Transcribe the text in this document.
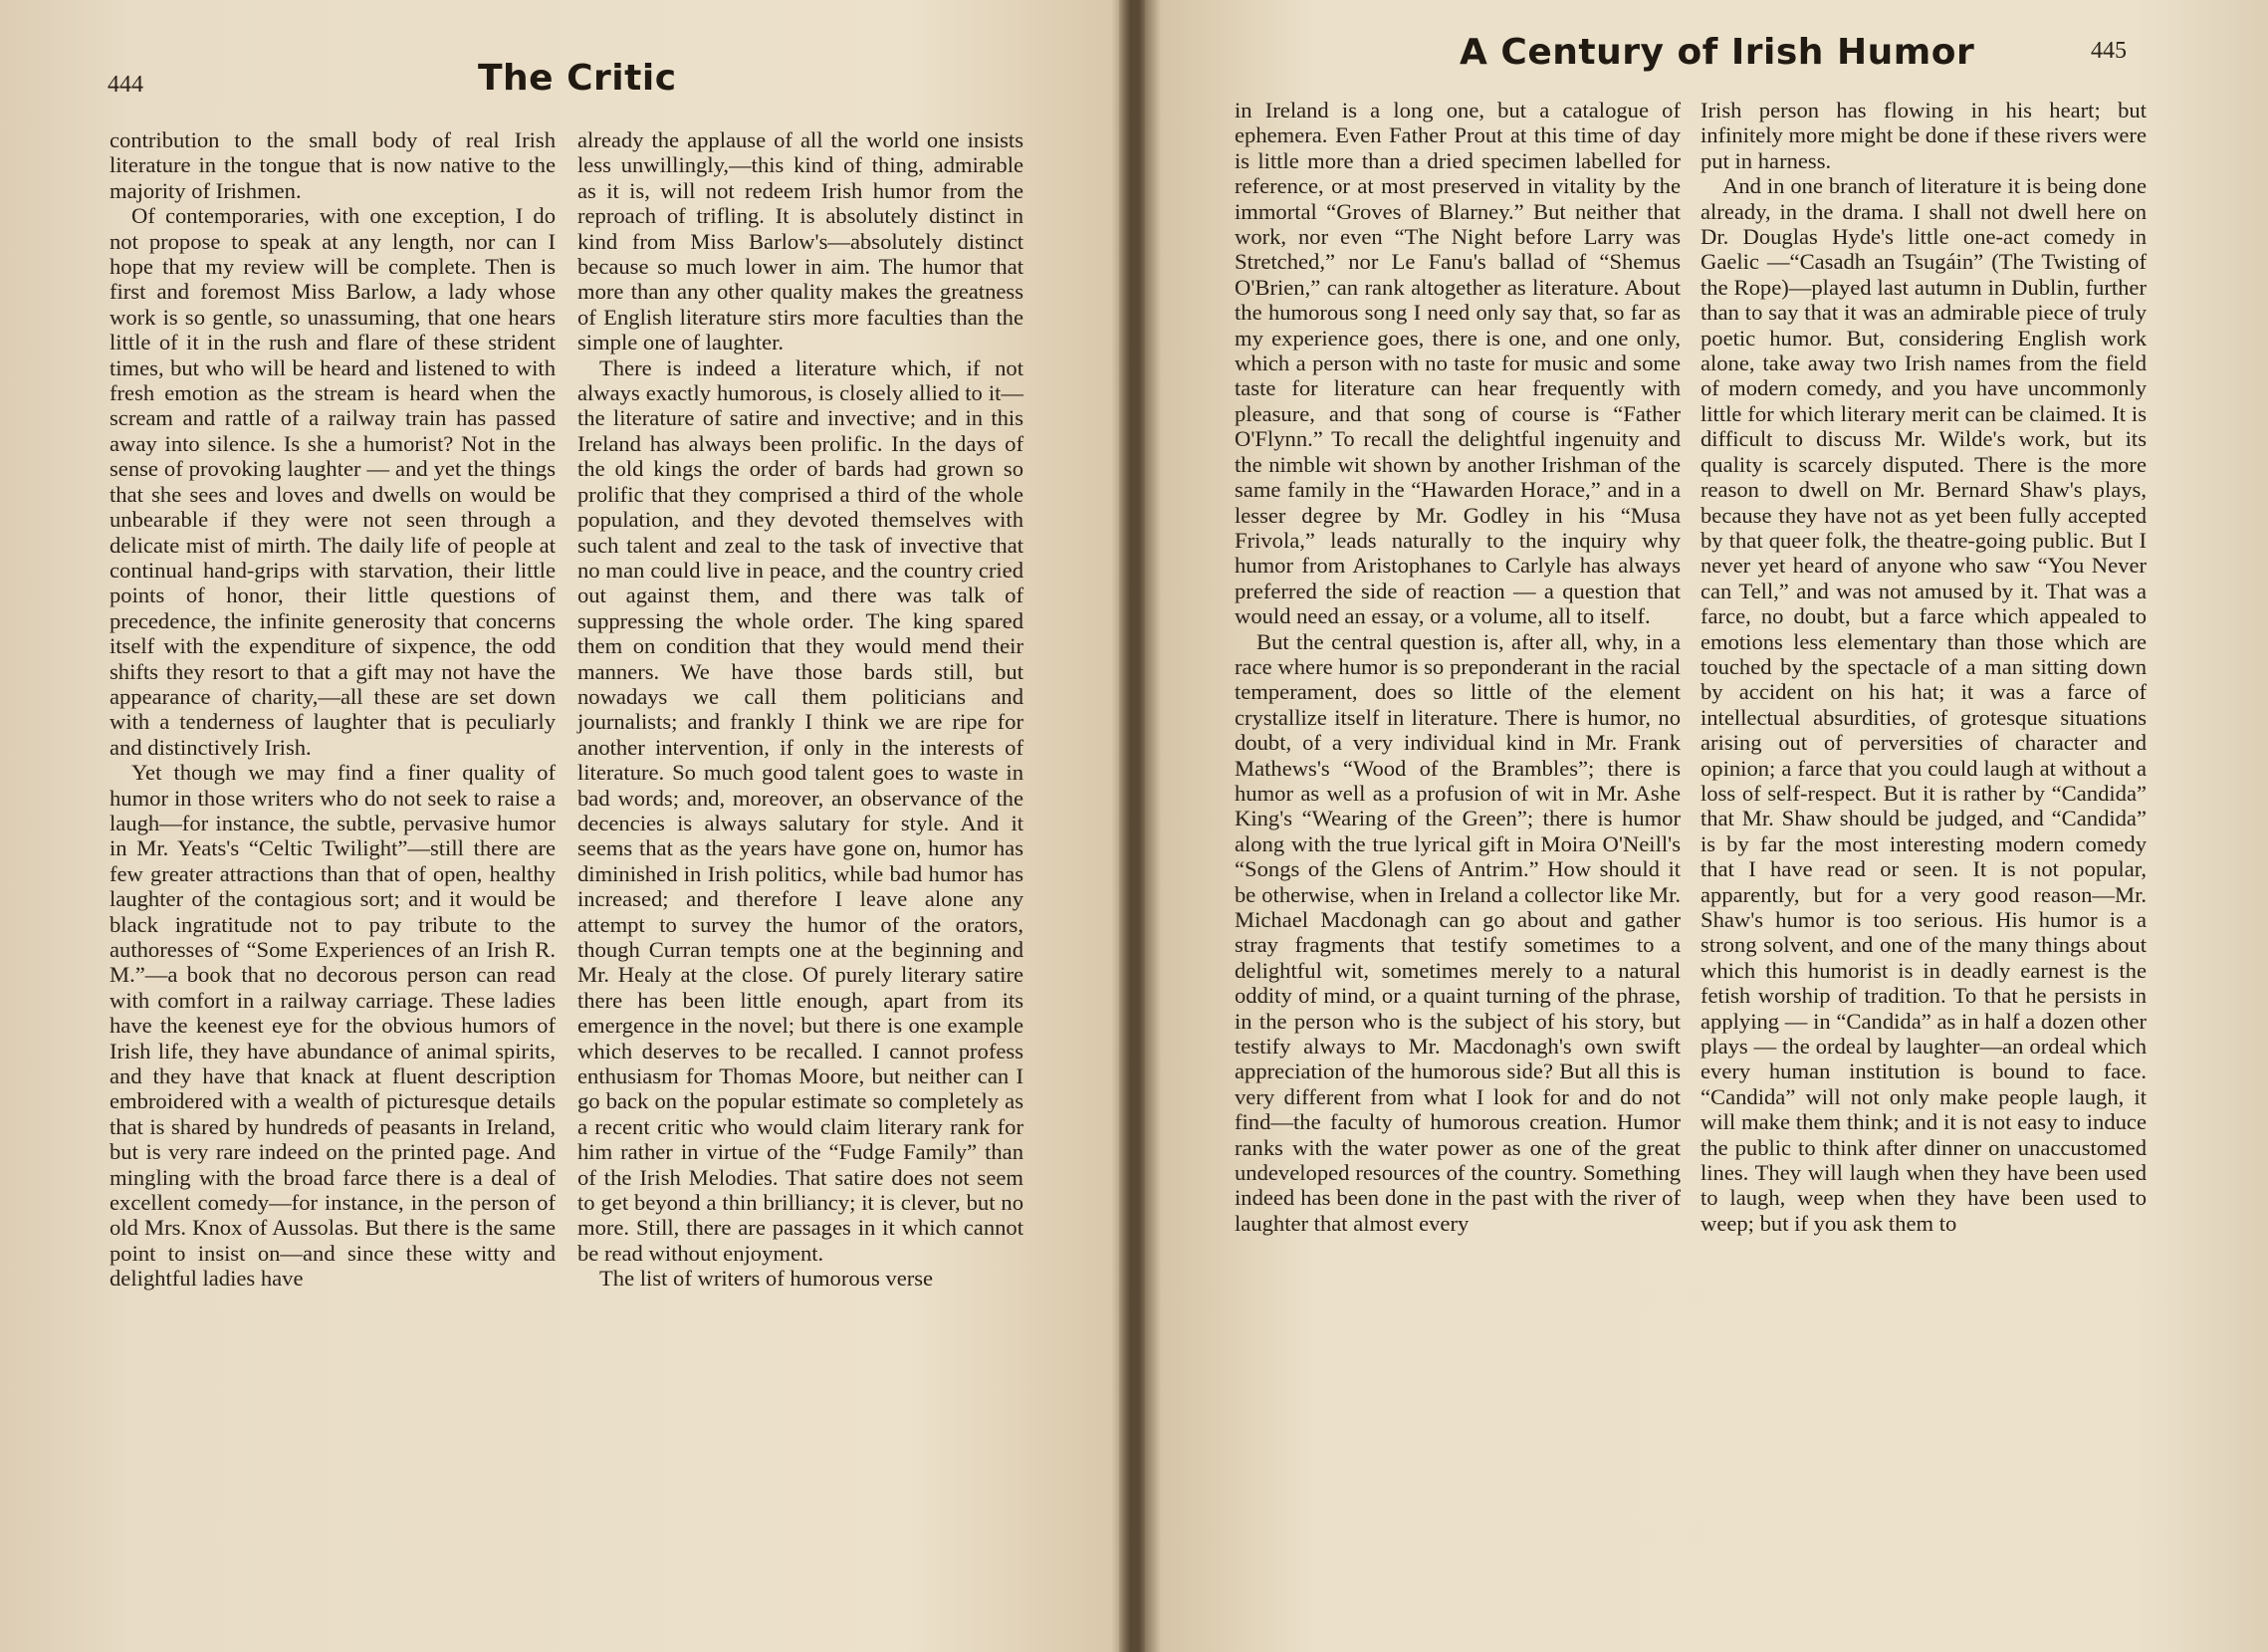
444	The Critic

contribution to the small body of real Irish literature in the tongue that is now native to the majority of Irishmen.

Of contemporaries, with one exception, I do not propose to speak at any length, nor can I hope that my review will be complete. Then is first and foremost Miss Barlow, a lady whose work is so gentle, so unassuming, that one hears little of it in the rush and flare of these strident times, but who will be heard and listened to with fresh emotion as the stream is heard when the scream and rattle of a railway train has passed away into silence. Is she a humorist? Not in the sense of provoking laughter — and yet the things that she sees and loves and dwells on would be unbearable if they were not seen through a delicate mist of mirth. The daily life of people at continual hand-grips with starvation, their little points of honor, their little questions of precedence, the infinite generosity that concerns itself with the expenditure of sixpence, the odd shifts they resort to that a gift may not have the appearance of charity,—all these are set down with a tenderness of laughter that is peculiarly and distinctively Irish.

Yet though we may find a finer quality of humor in those writers who do not seek to raise a laugh—for instance, the subtle, pervasive humor in Mr. Yeats's “Celtic Twilight”—still there are few greater attractions than that of open, healthy laughter of the contagious sort; and it would be black ingratitude not to pay tribute to the authoresses of “Some Experiences of an Irish R. M.”—a book that no decorous person can read with comfort in a railway carriage. These ladies have the keenest eye for the obvious humors of Irish life, they have abundance of animal spirits, and they have that knack at fluent description embroidered with a wealth of picturesque details that is shared by hundreds of peasants in Ireland, but is very rare indeed on the printed page. And mingling with the broad farce there is a deal of excellent comedy—for instance, in the person of old Mrs. Knox of Aussolas. But there is the same point to insist on—and since these witty and delightful ladies have

already the applause of all the world one insists less unwillingly,—this kind of thing, admirable as it is, will not redeem Irish humor from the reproach of trifling. It is absolutely distinct in kind from Miss Barlow's—absolutely distinct because so much lower in aim. The humor that more than any other quality makes the greatness of English literature stirs more faculties than the simple one of laughter.

There is indeed a literature which, if not always exactly humorous, is closely allied to it—the literature of satire and invective; and in this Ireland has always been prolific. In the days of the old kings the order of bards had grown so prolific that they comprised a third of the whole population, and they devoted themselves with such talent and zeal to the task of invective that no man could live in peace, and the country cried out against them, and there was talk of suppressing the whole order. The king spared them on condition that they would mend their manners. We have those bards still, but nowadays we call them politicians and journalists; and frankly I think we are ripe for another intervention, if only in the interests of literature. So much good talent goes to waste in bad words; and, moreover, an observance of the decencies is always salutary for style. And it seems that as the years have gone on, humor has diminished in Irish politics, while bad humor has increased; and therefore I leave alone any attempt to survey the humor of the orators, though Curran tempts one at the beginning and Mr. Healy at the close. Of purely literary satire there has been little enough, apart from its emergence in the novel; but there is one example which deserves to be recalled. I cannot profess enthusiasm for Thomas Moore, but neither can I go back on the popular estimate so completely as a recent critic who would claim literary rank for him rather in virtue of the “Fudge Family” than of the Irish Melodies. That satire does not seem to get beyond a thin brilliancy; it is clever, but no more. Still, there are passages in it which cannot be read without enjoyment.

The list of writers of humorous verse

A Century of Irish Humor	445

in Ireland is a long one, but a catalogue of ephemera. Even Father Prout at this time of day is little more than a dried specimen labelled for reference, or at most preserved in vitality by the immortal “Groves of Blarney.” But neither that work, nor even “The Night before Larry was Stretched,” nor Le Fanu's ballad of “Shemus O'Brien,” can rank altogether as literature. About the humorous song I need only say that, so far as my experience goes, there is one, and one only, which a person with no taste for music and some taste for literature can hear frequently with pleasure, and that song of course is “Father O'Flynn.” To recall the delightful ingenuity and the nimble wit shown by another Irishman of the same family in the “Hawarden Horace,” and in a lesser degree by Mr. Godley in his “Musa Frivola,” leads naturally to the inquiry why humor from Aristophanes to Carlyle has always preferred the side of reaction — a question that would need an essay, or a volume, all to itself.

But the central question is, after all, why, in a race where humor is so preponderant in the racial temperament, does so little of the element crystallize itself in literature. There is humor, no doubt, of a very individual kind in Mr. Frank Mathews's “Wood of the Brambles”; there is humor as well as a profusion of wit in Mr. Ashe King's “Wearing of the Green”; there is humor along with the true lyrical gift in Moira O'Neill's “Songs of the Glens of Antrim.” How should it be otherwise, when in Ireland a collector like Mr. Michael Macdonagh can go about and gather stray fragments that testify sometimes to a delightful wit, sometimes merely to a natural oddity of mind, or a quaint turning of the phrase, in the person who is the subject of his story, but testify always to Mr. Macdonagh's own swift appreciation of the humorous side? But all this is very different from what I look for and do not find—the faculty of humorous creation. Humor ranks with the water power as one of the great undeveloped resources of the country. Something indeed has been done in the past with the river of laughter that almost every

Irish person has flowing in his heart; but infinitely more might be done if these rivers were put in harness.

And in one branch of literature it is being done already, in the drama. I shall not dwell here on Dr. Douglas Hyde's little one-act comedy in Gaelic —“Casadh an Tsugáin” (The Twisting of the Rope)—played last autumn in Dublin, further than to say that it was an admirable piece of truly poetic humor. But, considering English work alone, take away two Irish names from the field of modern comedy, and you have uncommonly little for which literary merit can be claimed. It is difficult to discuss Mr. Wilde's work, but its quality is scarcely disputed. There is the more reason to dwell on Mr. Bernard Shaw's plays, because they have not as yet been fully accepted by that queer folk, the theatre-going public. But I never yet heard of anyone who saw “You Never can Tell,” and was not amused by it. That was a farce, no doubt, but a farce which appealed to emotions less elementary than those which are touched by the spectacle of a man sitting down by accident on his hat; it was a farce of intellectual absurdities, of grotesque situations arising out of perversities of character and opinion; a farce that you could laugh at without a loss of self-respect. But it is rather by “Candida” that Mr. Shaw should be judged, and “Candida” is by far the most interesting modern comedy that I have read or seen. It is not popular, apparently, but for a very good reason—Mr. Shaw's humor is too serious. His humor is a strong solvent, and one of the many things about which this humorist is in deadly earnest is the fetish worship of tradition. To that he persists in applying — in “Candida” as in half a dozen other plays — the ordeal by laughter—an ordeal which every human institution is bound to face. “Candida” will not only make people laugh, it will make them think; and it is not easy to induce the public to think after dinner on unaccustomed lines. They will laugh when they have been used to laugh, weep when they have been used to weep; but if you ask them to
